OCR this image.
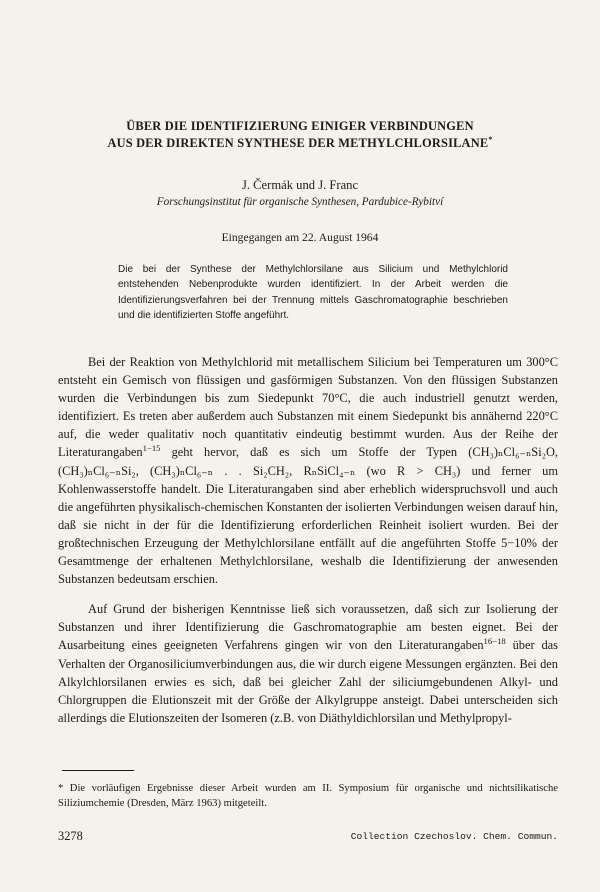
ÜBER DIE IDENTIFIZIERUNG EINIGER VERBINDUNGEN
AUS DER DIREKTEN SYNTHESE DER METHYLCHLORSILANE*
J. Čermák und J. Franc
Forschungsinstitut für organische Synthesen, Pardubice-Rybitví
Eingegangen am 22. August 1964
Die bei der Synthese der Methylchlorsilane aus Silicium und Methylchlorid entstehenden Nebenprodukte wurden identifiziert. In der Arbeit werden die Identifizierungsverfahren bei der Trennung mittels Gaschromatographie beschrieben und die identifizierten Stoffe angeführt.

Bei der Reaktion von Methylchlorid mit metallischem Silicium bei Temperaturen um 300°C entsteht ein Gemisch von flüssigen und gasförmigen Substanzen. Von den flüssigen Substanzen wurden die Verbindungen bis zum Siedepunkt 70°C, die auch industriell genutzt werden, identifiziert. Es treten aber außerdem auch Substanzen mit einem Siedepunkt bis annähernd 220°C auf, die weder qualitativ noch quantitativ eindeutig bestimmt wurden. Aus der Reihe der Literaturangaben$^{1-15}$ geht hervor, daß es sich um Stoffe der Typen (CH₃)ₙCl₆₋ₙSi₂O, (CH₃)ₙCl₆₋ₙSi₂, (CH₃)ₙCl₆₋ₙ . . Si₂CH₂, RₙSiCl₄₋ₙ (wo R > CH₃) und ferner um Kohlenwasserstoffe handelt. Die Literaturangaben sind aber erheblich widerspruchsvoll und auch die angeführten physikalisch-chemischen Konstanten der isolierten Verbindungen weisen darauf hin, daß sie nicht in der für die Identifizierung erforderlichen Reinheit isoliert wurden. Bei der großtechnischen Erzeugung der Methylchlorsilane entfällt auf die angeführten Stoffe 5−10% der Gesamtmenge der erhaltenen Methylchlorsilane, weshalb die Identifizierung der anwesenden Substanzen bedeutsam erschien.

Auf Grund der bisherigen Kenntnisse ließ sich voraussetzen, daß sich zur Isolierung der Substanzen und ihrer Identifizierung die Gaschromatographie am besten eignet. Bei der Ausarbeitung eines geeigneten Verfahrens gingen wir von den Literaturangaben$^{16-18}$ über das Verhalten der Organosiliciumverbindungen aus, die wir durch eigene Messungen ergänzten. Bei den Alkylchlorsilanen erwies es sich, daß bei gleicher Zahl der siliciumgebundenen Alkyl- und Chlorgruppen die Elutionszeit mit der Größe der Alkylgruppe ansteigt. Dabei unterscheiden sich allerdings die Elutionszeiten der Isomeren (z.B. von Diäthyldichlorsilan und Methylpropyl-

* Die vorläufigen Ergebnisse dieser Arbeit wurden am II. Symposium für organische und nichtsilikatische Siliziumchemie (Dresden, März 1963) mitgeteilt.
3278	Collection Czechoslov. Chem. Commun.
